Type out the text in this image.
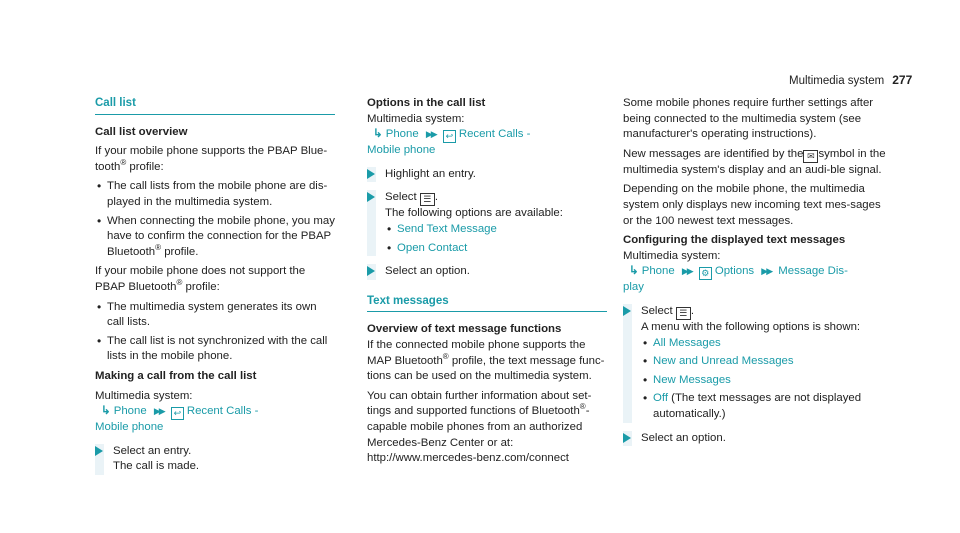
Multimedia system 277
Call list

Call list overview

If your mobile phone supports the PBAP Blue-
tooth® profile:

• The call lists from the mobile phone are dis-played in the multimedia system.
• When connecting the mobile phone, you may have to confirm the connection for the PBAP Bluetooth® profile.

If your mobile phone does not support the PBAP Bluetooth® profile:

• The multimedia system generates its own call lists.
• The call list is not synchronized with the call lists in the mobile phone.

Making a call from the call list

Multimedia system:

↳ Phone ▶▶ ↩ Recent Calls -
Mobile phone
Select an entry.
The call is made.

Options in the call list

Multimedia system:

↳ Phone ▶▶ ↩ Recent Calls -
Mobile phone
Highlight an entry.
Select ☰ .
The following options are available:
• Send Text Message
• Open Contact
Select an option.
Text messages

Overview of text message functions

If the connected mobile phone supports the MAP Bluetooth® profile, the text message func-tions can be used on the multimedia system.

You can obtain further information about set-tings and supported functions of Bluetooth®-capable mobile phones from an authorized Mercedes-Benz Center or at: http://www.mercedes-benz.com/connect

Some mobile phones require further settings after being connected to the multimedia system (see manufacturer's operating instructions).

New messages are identified by the ✉ symbol in the multimedia system's display and an audi-ble signal.

Depending on the mobile phone, the multimedia system only displays new incoming text mes-sages or the 100 newest text messages.

Configuring the displayed text messages

Multimedia system:

↳ Phone ▶▶ ⚙ Options ▶▶ Message Dis-
play
Select ☰ .
A menu with the following options is shown:
• All Messages
• New and Unread Messages
• New Messages
• Off (The text messages are not displayed automatically.)
Select an option.
